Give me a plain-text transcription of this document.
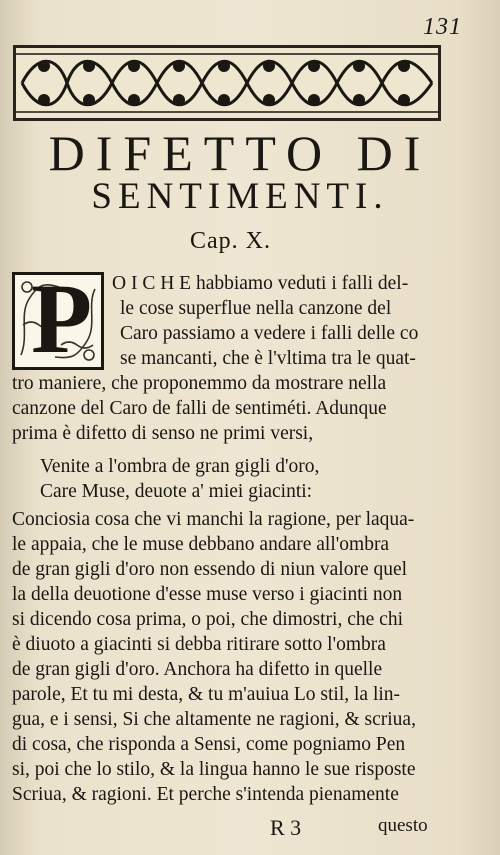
131
DIFETTO DI
SENTIMENTI.
Cap. X.
P O I C H E habbiamo veduti i falli del-
le cose superflue nella canzone del
Caro passiamo a vedere i falli delle co
se mancanti, che è l'vltima tra le quat-
tro maniere, che proponemmo da mostrare nella
canzone del Caro de falli de sentiméti. Adunque
prima è difetto di senso ne primi versi,
Venite a l'ombra de gran gigli d'oro,
Care Muse, deuote a' miei giacinti:
Conciosia cosa che vi manchi la ragione, per laqua-
le appaia, che le muse debbano andare all'ombra
de gran gigli d'oro non essendo di niun valore quel
la della deuotione d'esse muse verso i giacinti non
si dicendo cosa prima, o poi, che dimostri, che chi
è diuoto a giacinti si debba ritirare sotto l'ombra
de gran gigli d'oro. Anchora ha difetto in quelle
parole, Et tu mi desta, & tu m'auiua Lo stil, la lin-
gua, e i sensi, Si che altamente ne ragioni, & scriua,
di cosa, che risponda a Sensi, come pogniamo Pen
si, poi che lo stilo, & la lingua hanno le sue risposte
Scriua, & ragioni. Et perche s'intenda pienamente
R 3	questo
